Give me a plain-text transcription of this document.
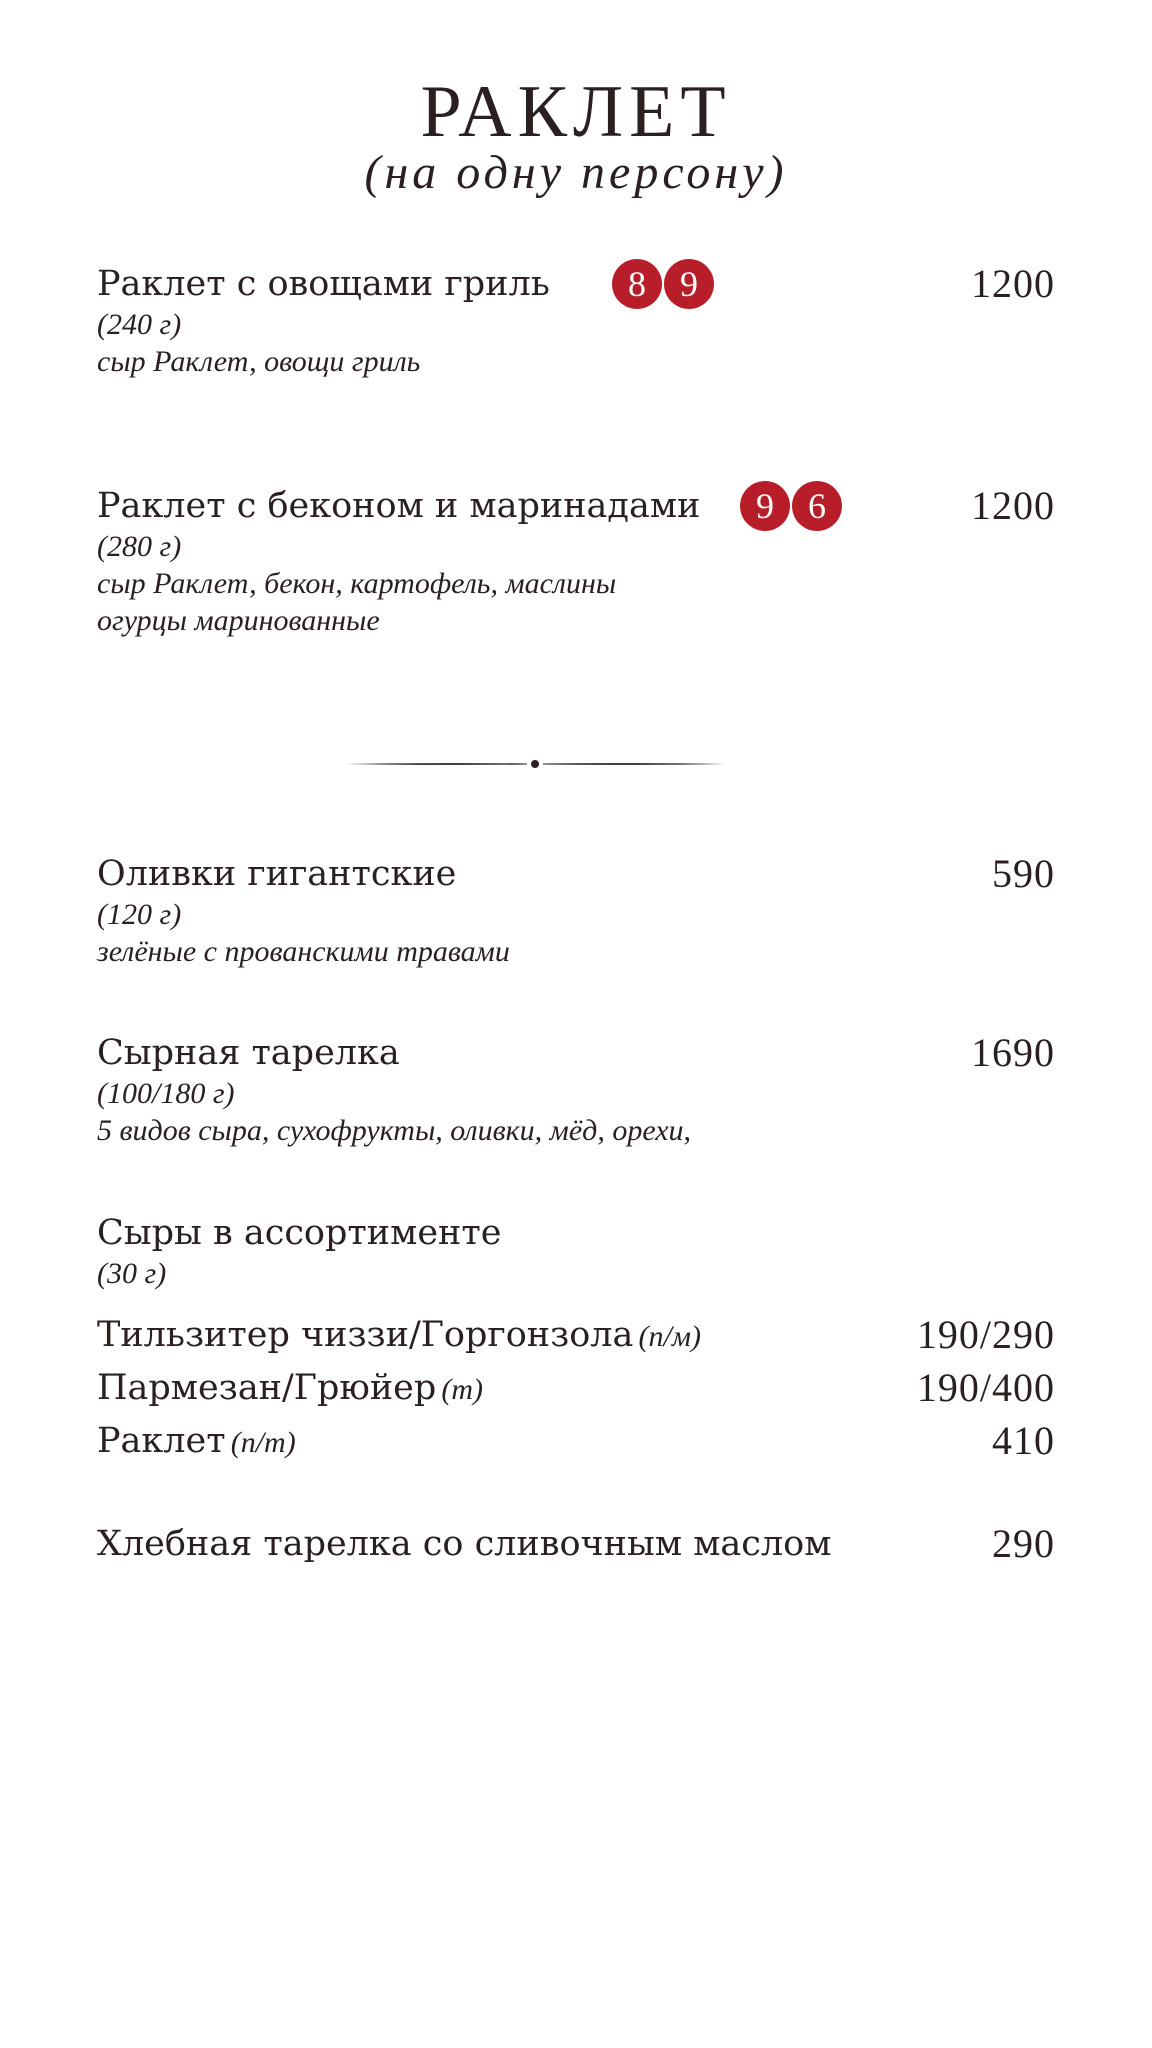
РАКЛЕТ
(на одну персону)
Раклет с овощами гриль
(240 г)
сыр Раклет, овощи гриль
8 9	1200
Раклет с беконом и маринадами
(280 г)
сыр Раклет, бекон, картофель, маслины
огурцы маринованные
9 6	1200
Оливки гигантские
(120 г)
зелёные с прованскими травами
590
Сырная тарелка
(100/180 г)
5 видов сыра, сухофрукты, оливки, мёд, орехи,
1690
Сыры в ассортименте
(30 г)
Тильзитер чиззи/Горгонзола (п/м)	190/290
Пармезан/Грюйер (т)	190/400
Раклет (п/т)	410
Хлебная тарелка со сливочным маслом	290
